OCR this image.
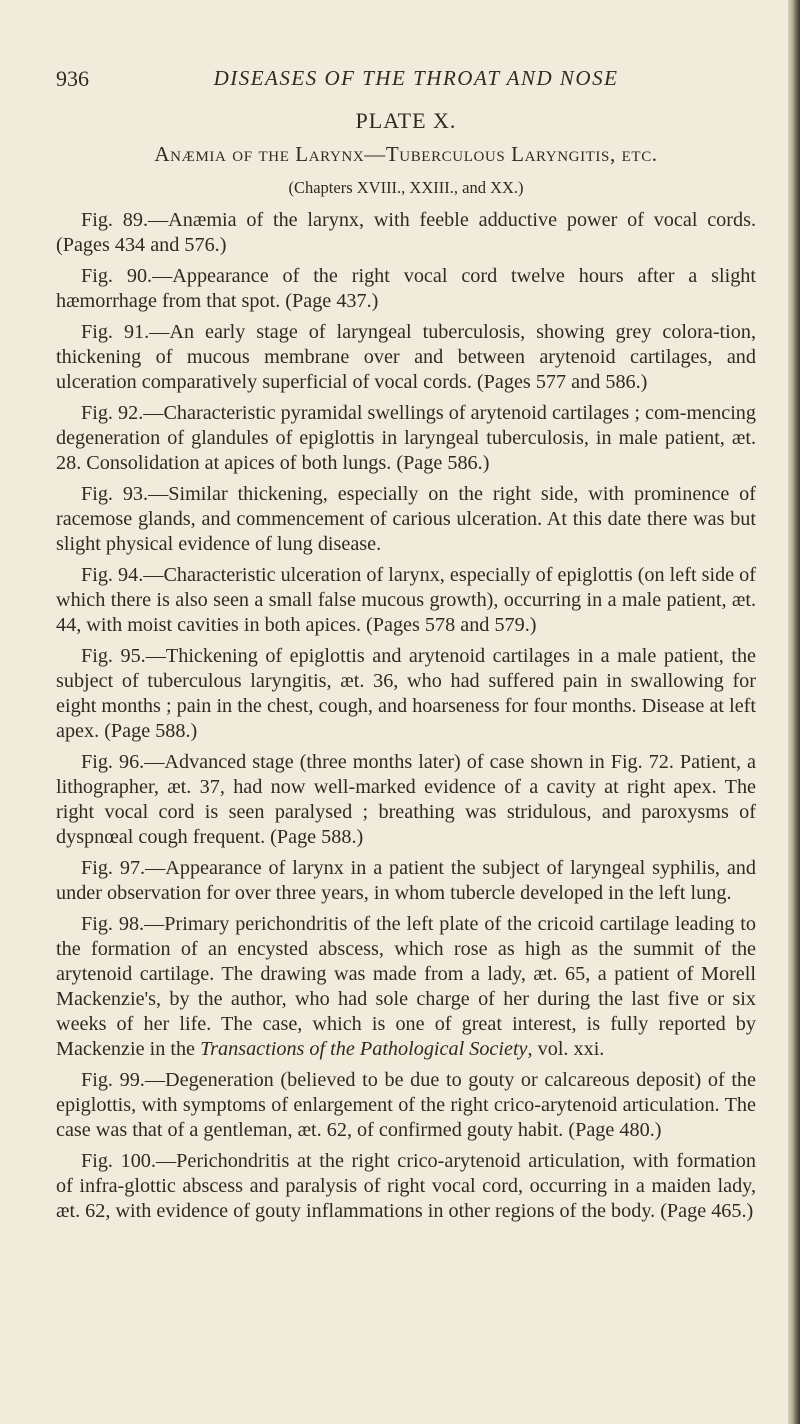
936	DISEASES OF THE THROAT AND NOSE
PLATE X.
Anæmia of the Larynx—Tuberculous Laryngitis, etc.
(Chapters XVIII., XXIII., and XX.)

Fig. 89.—Anæmia of the larynx, with feeble adductive power of vocal cords. (Pages 434 and 576.)

Fig. 90.—Appearance of the right vocal cord twelve hours after a slight hæmorrhage from that spot. (Page 437.)

Fig. 91.—An early stage of laryngeal tuberculosis, showing grey colora-tion, thickening of mucous membrane over and between arytenoid cartilages, and ulceration comparatively superficial of vocal cords. (Pages 577 and 586.)

Fig. 92.—Characteristic pyramidal swellings of arytenoid cartilages ; com-mencing degeneration of glandules of epiglottis in laryngeal tuberculosis, in male patient, æt. 28. Consolidation at apices of both lungs. (Page 586.)

Fig. 93.—Similar thickening, especially on the right side, with prominence of racemose glands, and commencement of carious ulceration. At this date there was but slight physical evidence of lung disease.

Fig. 94.—Characteristic ulceration of larynx, especially of epiglottis (on left side of which there is also seen a small false mucous growth), occurring in a male patient, æt. 44, with moist cavities in both apices. (Pages 578 and 579.)

Fig. 95.—Thickening of epiglottis and arytenoid cartilages in a male patient, the subject of tuberculous laryngitis, æt. 36, who had suffered pain in swallowing for eight months ; pain in the chest, cough, and hoarseness for four months. Disease at left apex. (Page 588.)

Fig. 96.—Advanced stage (three months later) of case shown in Fig. 72. Patient, a lithographer, æt. 37, had now well-marked evidence of a cavity at right apex. The right vocal cord is seen paralysed ; breathing was stridulous, and paroxysms of dyspnœal cough frequent. (Page 588.)

Fig. 97.—Appearance of larynx in a patient the subject of laryngeal syphilis, and under observation for over three years, in whom tubercle developed in the left lung.

Fig. 98.—Primary perichondritis of the left plate of the cricoid cartilage leading to the formation of an encysted abscess, which rose as high as the summit of the arytenoid cartilage. The drawing was made from a lady, æt. 65, a patient of Morell Mackenzie's, by the author, who had sole charge of her during the last five or six weeks of her life. The case, which is one of great interest, is fully reported by Mackenzie in the Transactions of the Pathological Society, vol. xxi.

Fig. 99.—Degeneration (believed to be due to gouty or calcareous deposit) of the epiglottis, with symptoms of enlargement of the right crico-arytenoid articulation. The case was that of a gentleman, æt. 62, of confirmed gouty habit. (Page 480.)

Fig. 100.—Perichondritis at the right crico-arytenoid articulation, with formation of infra-glottic abscess and paralysis of right vocal cord, occurring in a maiden lady, æt. 62, with evidence of gouty inflammations in other regions of the body. (Page 465.)
